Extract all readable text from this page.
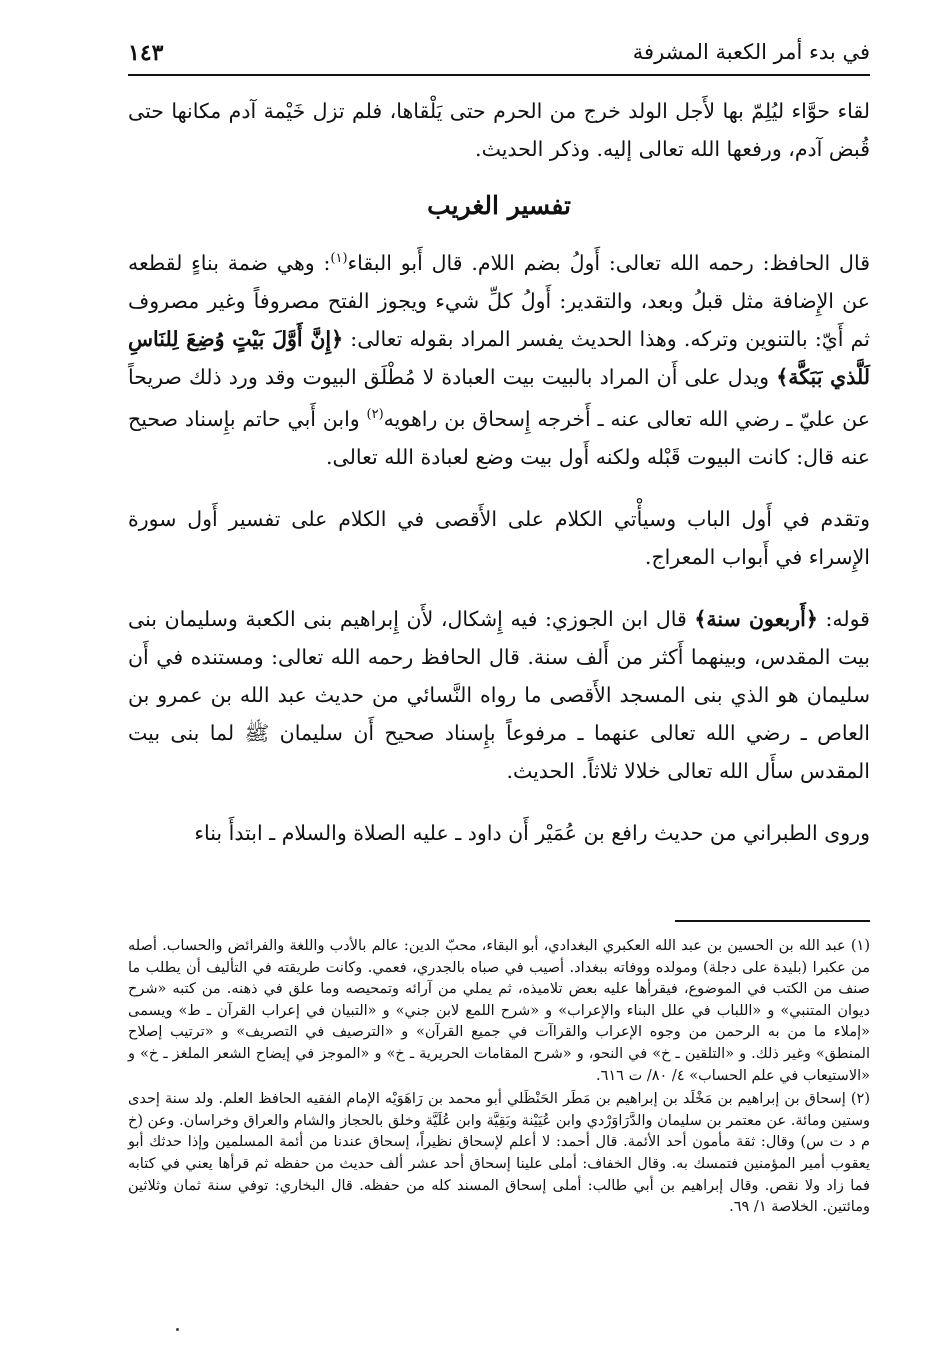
في بدء أمر الكعبة المشرفة
١٤٣

لقاء حوَّاء ليُلِمّ بها لأَجل الولد خرج من الحرم حتى يَلْقاها، فلم تزل خَيْمة آدم مكانها حتى قُبض آدم، ورفعها الله تعالى إليه. وذكر الحديث.

تفسير الغريب

قال الحافظ: رحمه الله تعالى: أَولُ بضم اللام. قال أَبو البقاء$^{(١)}$: وهي ضمة بناءٍ لقطعه عن الإِضافة مثل قبلُ وبعد، والتقدير: أَولُ كلِّ شيء ويجوز الفتح مصروفاً وغير مصروف ثم أَيّ: بالتنوين وتركه. وهذا الحديث يفسر المراد بقوله تعالى: ﴿إِنَّ أَوَّلَ بَيْتٍ وُضِعَ لِلنَاسِ لَلَّذي بَبَكَّة﴾ ويدل على أَن المراد بالبيت بيت العبادة لا مُطْلَق البيوت وقد ورد ذلك صريحاً عن عليّ ـ رضي الله تعالى عنه ـ أَخرجه إِسحاق بن راهويه$^{(٢)}$ وابن أَبي حاتم بإِسناد صحيح عنه قال: كانت البيوت قَبْله ولكنه أَول بيت وضع لعبادة الله تعالى.

وتقدم في أَول الباب وسيأْتي الكلام على الأَقصى في الكلام على تفسير أَول سورة الإِسراء في أَبواب المعراج.

قوله: ﴿أَربعون سنة﴾ قال ابن الجوزي: فيه إِشكال، لأَن إِبراهيم بنى الكعبة وسليمان بنى بيت المقدس، وبينهما أَكثر من أَلف سنة. قال الحافظ رحمه الله تعالى: ومستنده في أَن سليمان هو الذي بنى المسجد الأَقصى ما رواه النَّسائي من حديث عبد الله بن عمرو بن العاص ـ رضي الله تعالى عنهما ـ مرفوعاً بإِسناد صحيح أَن سليمان ﷺ لما بنى بيت المقدس سأَل الله تعالى خلالا ثلاثاً. الحديث.

وروى الطبراني من حديث رافع بن عُمَيْر أَن داود ـ عليه الصلاة والسلام ـ ابتدأَ بناء

(١) عبد الله بن الحسين بن عبد الله العكبري البغدادي، أبو البقاء، محبّ الدين: عالم بالأدب واللغة والفرائض والحساب. أصله من عكبرا (بليدة على دجلة) ومولده ووفاته ببغداد. أصيب في صباه بالجدري، فعمي. وكانت طريقته في التأليف أن يطلب ما صنف من الكتب في الموضوع، فيقرأها عليه بعض تلاميذه، ثم يملي من آرائه وتمحيصه وما علق في ذهنه. من كتبه «شرح ديوان المتنبي» و «اللباب في علل البناء والإعراب» و «شرح اللمع لابن جني» و «التبيان في إعراب القرآن ـ ط» ويسمى «إملاء ما من به الرحمن من وجوه الإعراب والقراآت في جميع القرآن» و «الترصيف في التصريف» و «ترتيب إصلاح المنطق» وغير ذلك. و «التلقين ـ خ» في النحو، و «شرح المقامات الحريرية ـ خ» و «الموجز في إيضاح الشعر الملغز ـ خ» و «الاستيعاب في علم الحساب» ٤/ ٨٠/ ت ٦١٦.

(٢) إسحاق بن إبراهيم بن مَخْلَد بن إبراهيم بن مَطَر الحَنْظَلي أبو محمد بن رَاهَوَيْه الإمام الفقيه الحافظ العلم. ولد سنة إحدى وستين ومائة. عن معتمر بن سليمان والدَّرَاوَرْدي وابن عُيَيْنة وبَقِيَّة وابن عُلَيَّة وخلق بالحجاز والشام والعراق وخراسان. وعن (خ م د ت س) وقال: ثقة مأمون أحد الأئمة. قال أحمد: لا أعلم لإسحاق نظيراً، إسحاق عندنا من أئمة المسلمين وإذا حدثك أبو يعقوب أمير المؤمنين فتمسك به. وقال الخفاف: أملى علينا إسحاق أحد عشر ألف حديث من حفظه ثم قرأها يعني في كتابه فما زاد ولا نقص. وقال إبراهيم بن أبي طالب: أملى إسحاق المسند كله من حفظه. قال البخاري: توفي سنة ثمان وثلاثين ومائتين. الخلاصة ١/ ٦٩.
